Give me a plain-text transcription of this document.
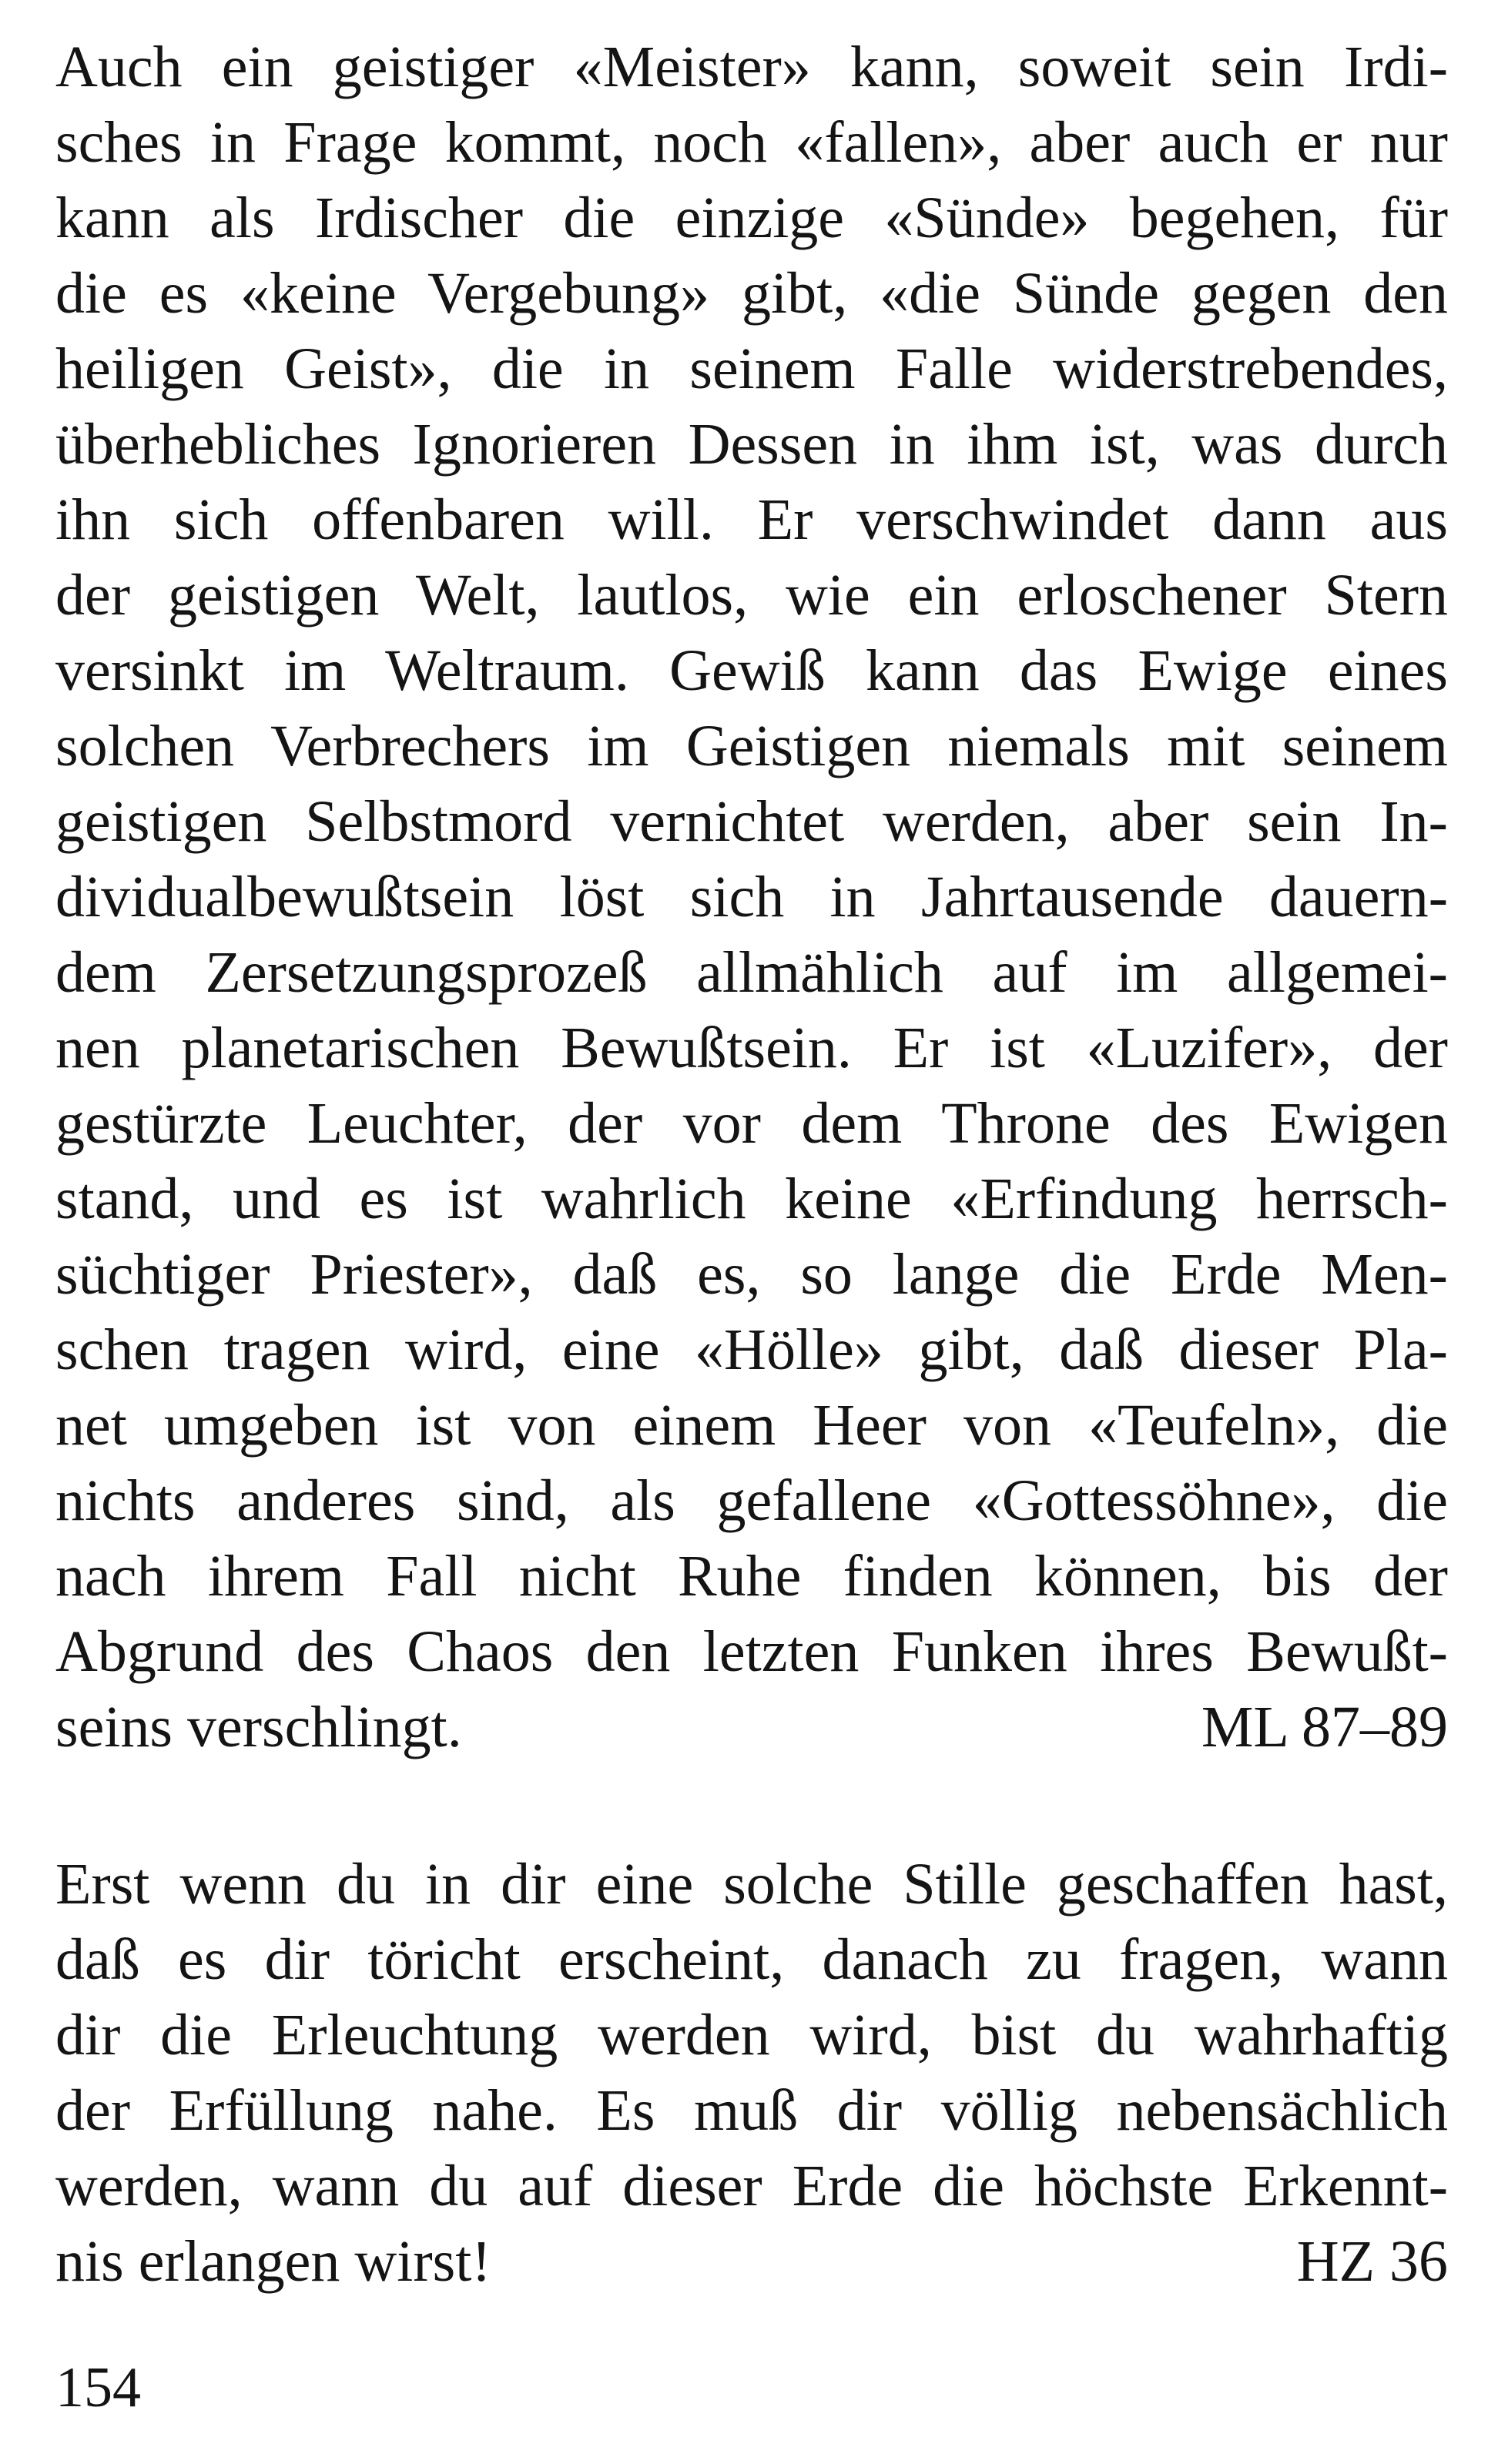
Auch ein geistiger «Meister» kann, soweit sein Irdi-
sches in Frage kommt, noch «fallen», aber auch er nur
kann als Irdischer die einzige «Sünde» begehen, für
die es «keine Vergebung» gibt, «die Sünde gegen den
heiligen Geist», die in seinem Falle widerstrebendes,
überhebliches Ignorieren Dessen in ihm ist, was durch
ihn sich offenbaren will. Er verschwindet dann aus
der geistigen Welt, lautlos, wie ein erloschener Stern
versinkt im Weltraum. Gewiß kann das Ewige eines
solchen Verbrechers im Geistigen niemals mit seinem
geistigen Selbstmord vernichtet werden, aber sein In-
dividualbewußtsein löst sich in Jahrtausende dauern-
dem Zersetzungsprozeß allmählich auf im allgemei-
nen planetarischen Bewußtsein. Er ist «Luzifer», der
gestürzte Leuchter, der vor dem Throne des Ewigen
stand, und es ist wahrlich keine «Erfindung herrsch-
süchtiger Priester», daß es, so lange die Erde Men-
schen tragen wird, eine «Hölle» gibt, daß dieser Pla-
net umgeben ist von einem Heer von «Teufeln», die
nichts anderes sind, als gefallene «Gottessöhne», die
nach ihrem Fall nicht Ruhe finden können, bis der
Abgrund des Chaos den letzten Funken ihres Bewußt-
seins verschlingt.	ML 87–89
Erst wenn du in dir eine solche Stille geschaffen hast,
daß es dir töricht erscheint, danach zu fragen, wann
dir die Erleuchtung werden wird, bist du wahrhaftig
der Erfüllung nahe. Es muß dir völlig nebensächlich
werden, wann du auf dieser Erde die höchste Erkennt-
nis erlangen wirst!	HZ 36
154
